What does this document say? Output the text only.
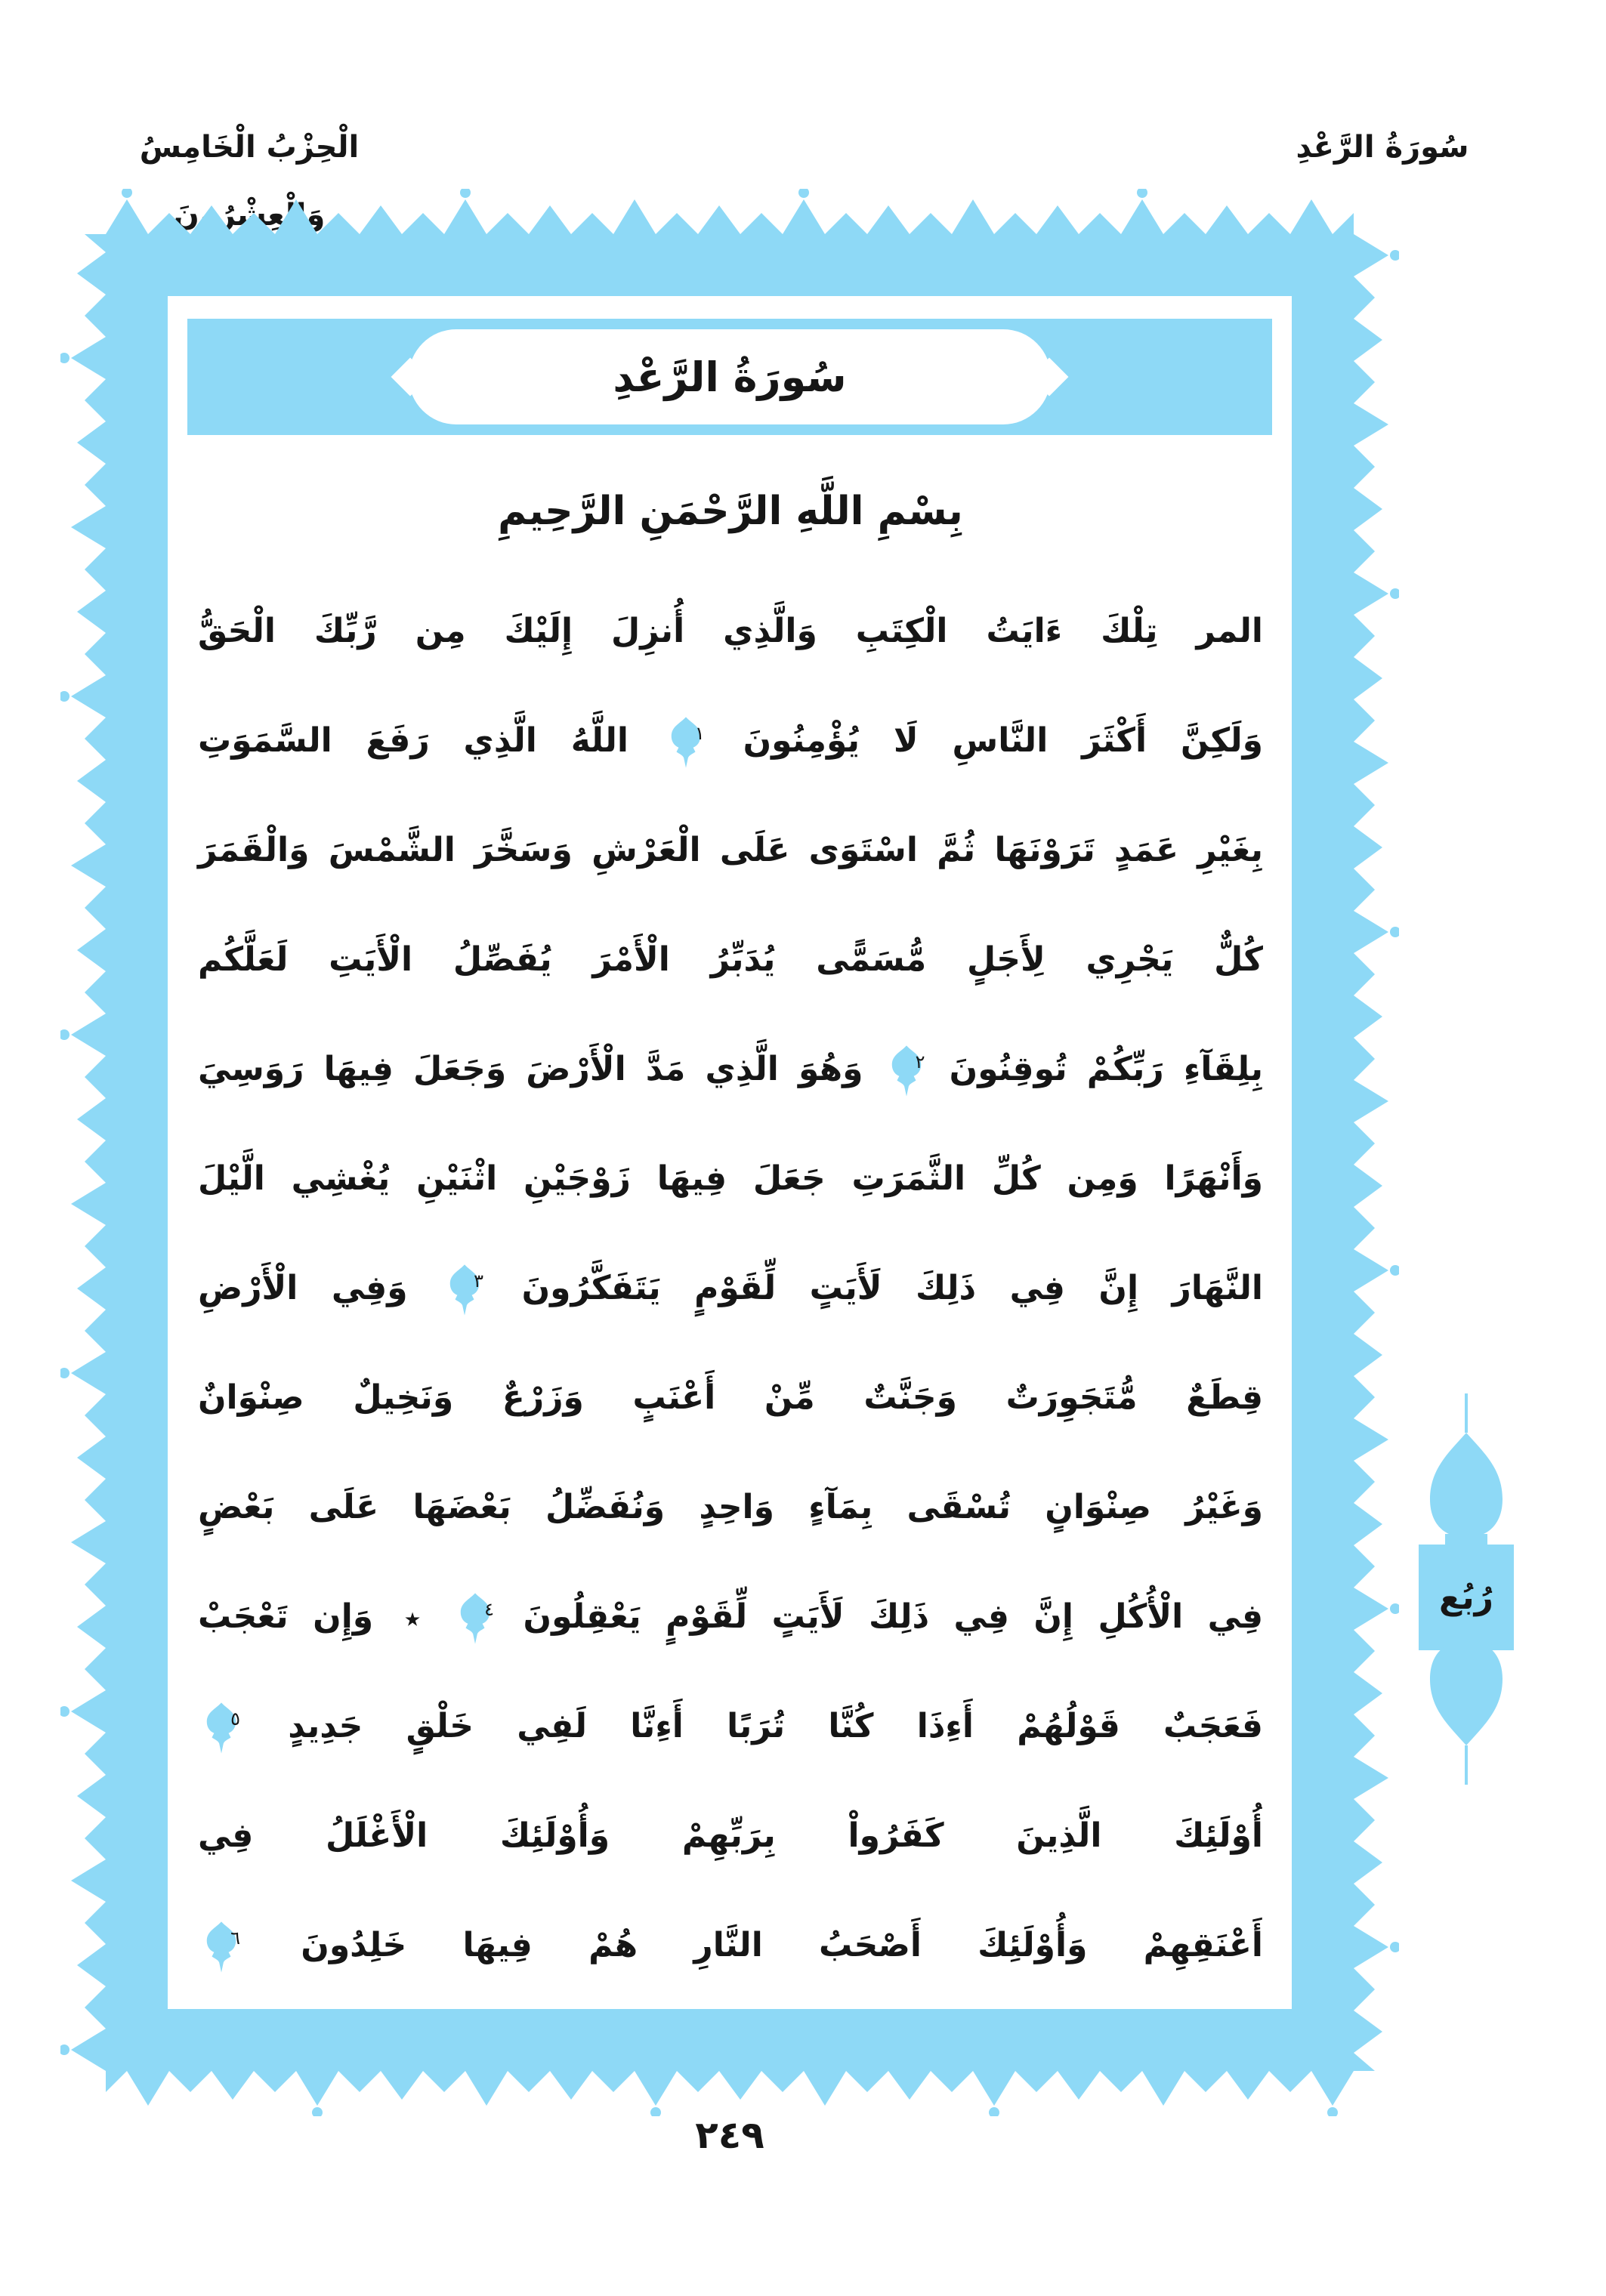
الْحِزْبُ الْخَامِسُ وَالْعِشْرُونَ
سُورَةُ الرَّعْدِ
سُورَةُ الرَّعْدِ
بِسْمِ اللَّهِ الرَّحْمَنِ الرَّحِيمِ
المر تِلْكَ ءَايَتُ الْكِتَبِ وَالَّذِي أُنزِلَ إِلَيْكَ مِن رَّبِّكَ الْحَقُّ
وَلَكِنَّ أَكْثَرَ النَّاسِ لَا يُؤْمِنُونَ
١
اللَّهُ الَّذِي رَفَعَ السَّمَوَتِ
بِغَيْرِ عَمَدٍ تَرَوْنَهَا ثُمَّ اسْتَوَى عَلَى الْعَرْشِ وَسَخَّرَ الشَّمْسَ وَالْقَمَرَ
كُلٌّ يَجْرِي لِأَجَلٍ مُّسَمًّى يُدَبِّرُ الْأَمْرَ يُفَصِّلُ الْأَيَتِ لَعَلَّكُم
بِلِقَآءِ رَبِّكُمْ تُوقِنُونَ
٢
وَهُوَ الَّذِي مَدَّ الْأَرْضَ وَجَعَلَ فِيهَا رَوَسِيَ
وَأَنْهَرًا وَمِن كُلِّ الثَّمَرَتِ جَعَلَ فِيهَا زَوْجَيْنِ اثْنَيْنِ يُغْشِي الَّيْلَ
النَّهَارَ إِنَّ فِي ذَلِكَ لَأَيَتٍ لِّقَوْمٍ يَتَفَكَّرُونَ
٣
وَفِي الْأَرْضِ
قِطَعٌ مُّتَجَوِرَتٌ وَجَنَّتٌ مِّنْ أَعْنَبٍ وَزَرْعٌ وَنَخِيلٌ صِنْوَانٌ
وَغَيْرُ صِنْوَانٍ تُسْقَى بِمَآءٍ وَاحِدٍ وَنُفَضِّلُ بَعْضَهَا عَلَى بَعْضٍ
فِي الْأُكُلِ إِنَّ فِي ذَلِكَ لَأَيَتٍ لِّقَوْمٍ يَعْقِلُونَ
٤
٭ وَإِن تَعْجَبْ
فَعَجَبٌ قَوْلُهُمْ أَءِذَا كُنَّا تُرَبًا أَءِنَّا لَفِي خَلْقٍ جَدِيدٍ
٥
أُوْلَئِكَ الَّذِينَ كَفَرُواْ بِرَبِّهِمْ وَأُوْلَئِكَ الْأَغْلَلُ فِي
أَعْنَقِهِمْ وَأُوْلَئِكَ أَصْحَبُ النَّارِ هُمْ فِيهَا خَلِدُونَ
٦
رُبُع
٢٤٩
